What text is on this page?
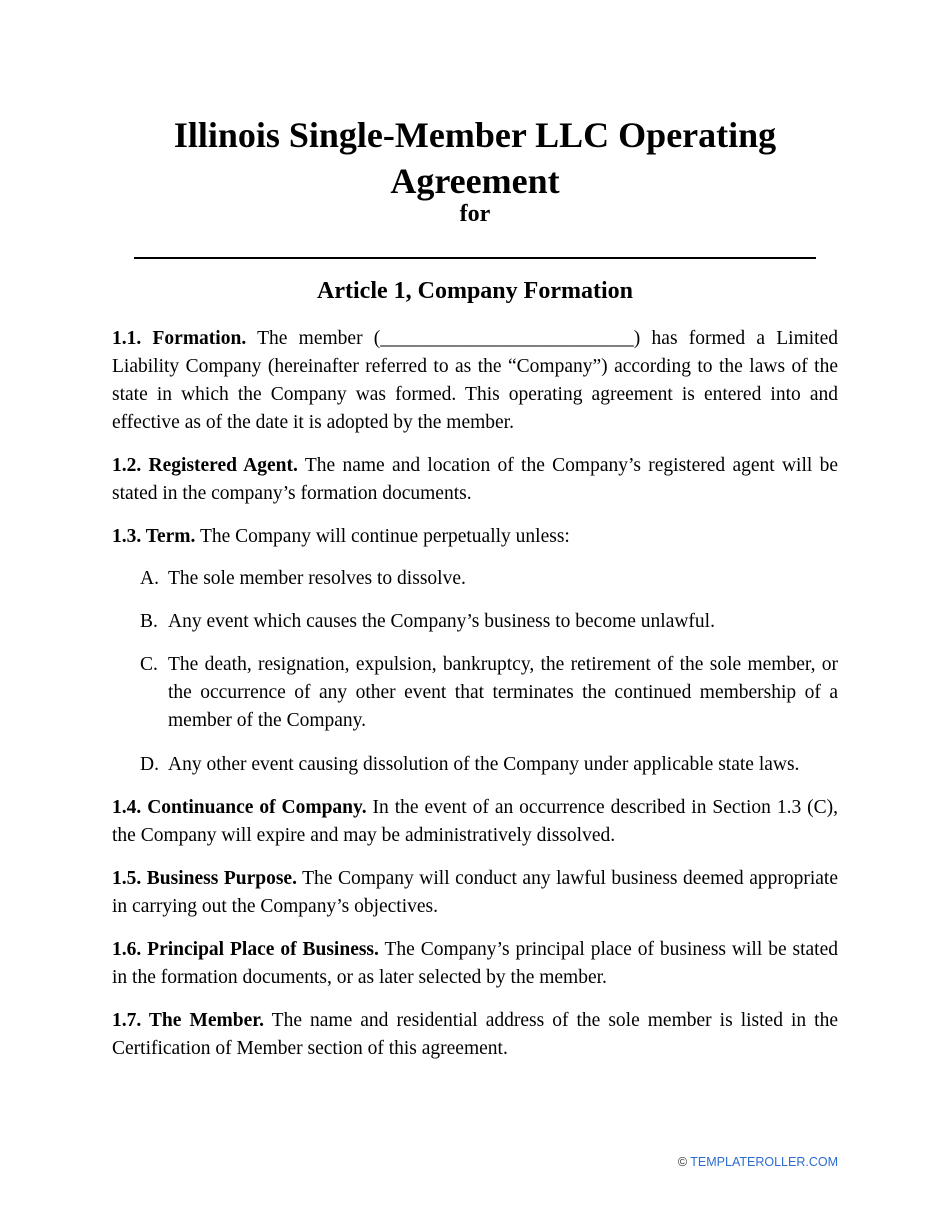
Illinois Single-Member LLC Operating Agreement
for
Article 1, Company Formation

1.1. Formation. The member (__________________________) has formed a Limited Liability Company (hereinafter referred to as the “Company”) according to the laws of the state in which the Company was formed. This operating agreement is entered into and effective as of the date it is adopted by the member.

1.2. Registered Agent. The name and location of the Company’s registered agent will be stated in the company’s formation documents.

1.3. Term. The Company will continue perpetually unless:

A. The sole member resolves to dissolve.
B. Any event which causes the Company’s business to become unlawful.
C. The death, resignation, expulsion, bankruptcy, the retirement of the sole member, or the occurrence of any other event that terminates the continued membership of a member of the Company.
D. Any other event causing dissolution of the Company under applicable state laws.

1.4. Continuance of Company. In the event of an occurrence described in Section 1.3 (C), the Company will expire and may be administratively dissolved.

1.5. Business Purpose. The Company will conduct any lawful business deemed appropriate in carrying out the Company’s objectives.

1.6. Principal Place of Business. The Company’s principal place of business will be stated in the formation documents, or as later selected by the member.

1.7. The Member. The name and residential address of the sole member is listed in the Certification of Member section of this agreement.

© TEMPLATEROLLER.COM
